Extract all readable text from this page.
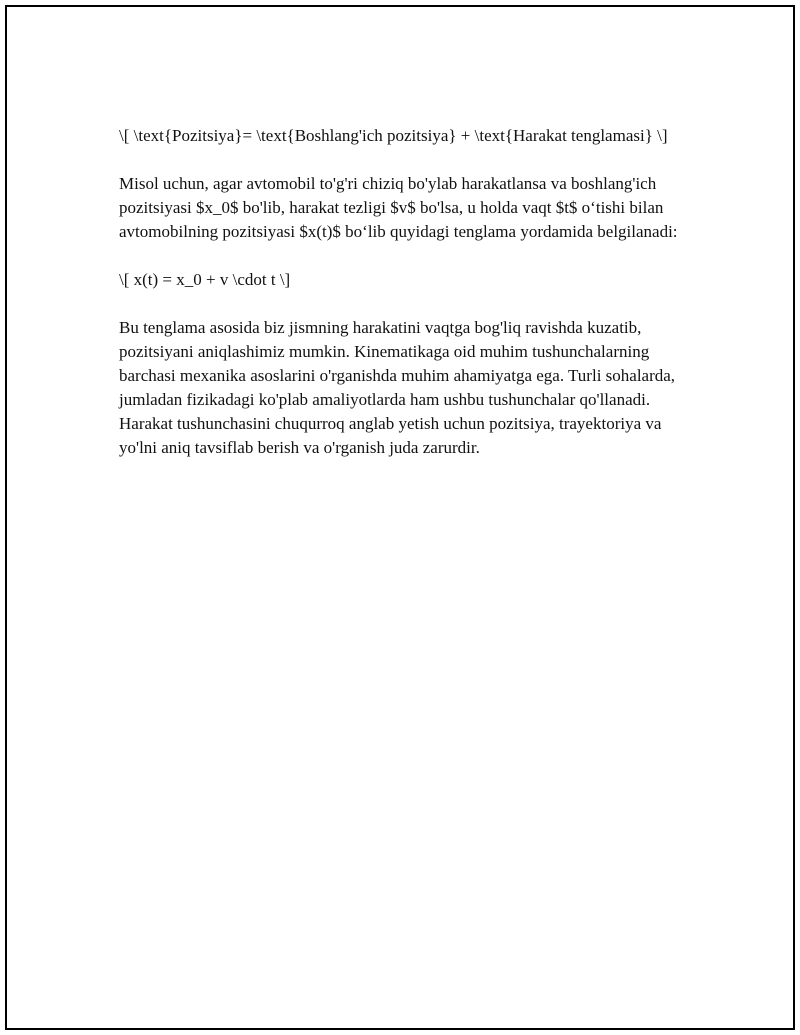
\[ \text{Pozitsiya}= \text{Boshlang'ich pozitsiya} + \text{Harakat tenglamasi} \]

Misol uchun, agar avtomobil to'g'ri chiziq bo'ylab harakatlansa va boshlang'ich pozitsiyasi $x_0$ bo'lib, harakat tezligi $v$ bo'lsa, u holda vaqt $t$ o‘tishi bilan avtomobilning pozitsiyasi $x(t)$ bo‘lib quyidagi tenglama yordamida belgilanadi:

\[ x(t) = x_0 + v \cdot t \]

Bu tenglama asosida biz jismning harakatini vaqtga bog'liq ravishda kuzatib, pozitsiyani aniqlashimiz mumkin. Kinematikaga oid muhim tushunchalarning barchasi mexanika asoslarini o'rganishda muhim ahamiyatga ega. Turli sohalarda, jumladan fizikadagi ko'plab amaliyotlarda ham ushbu tushunchalar qo'llanadi. Harakat tushunchasini chuqurroq anglab yetish uchun pozitsiya, trayektoriya va yo'lni aniq tavsiflab berish va o'rganish juda zarurdir.
